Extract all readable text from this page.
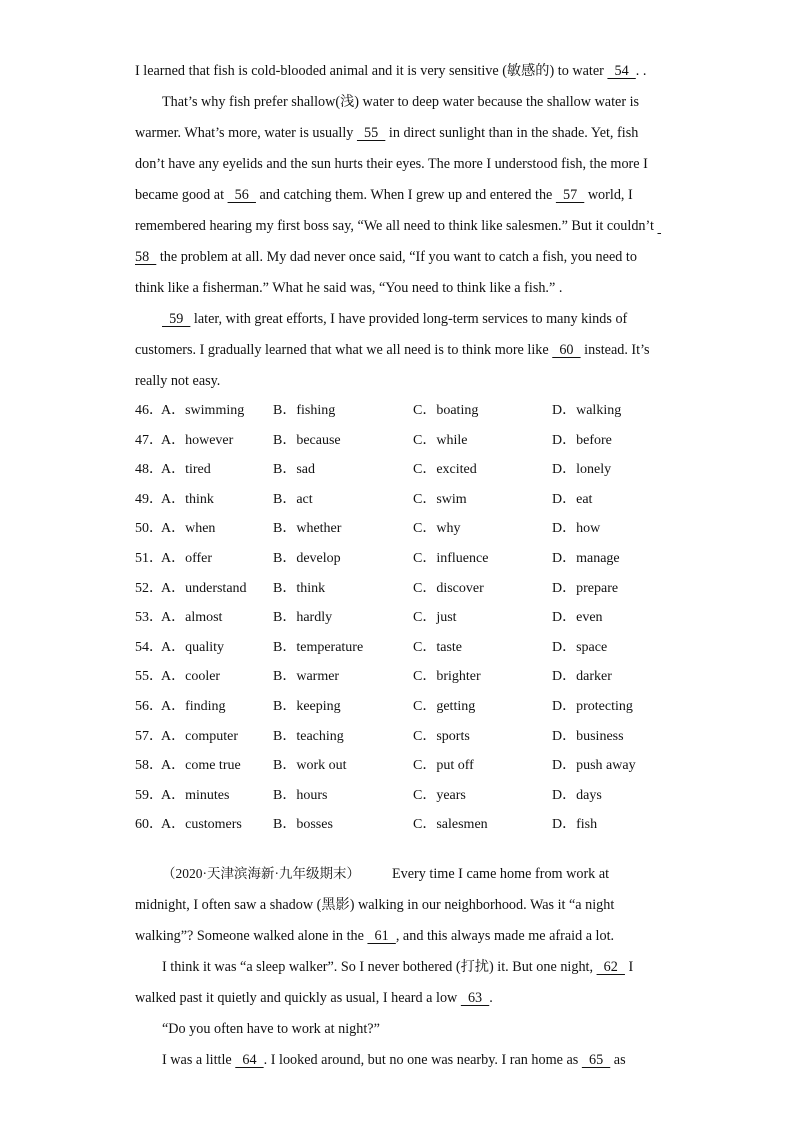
I learned that fish is cold-blooded animal and it is very sensitive (敏感的) to water   54  . .
That’s why fish prefer shallow(浅) water to deep water because the shallow water is
warmer. What’s more, water is usually   55   in direct sunlight than in the shade. Yet, fish
don’t have any eyelids and the sun hurts their eyes. The more I understood fish, the more I
became good at   56   and catching them. When I grew up and entered the   57   world, I
remembered hearing my first boss say, “We all need to think like salesmen.” But it couldn’t
58   the problem at all. My dad never once said, “If you want to catch a fish, you need to
think like a fisherman.” What he said was, “You need to think like a fish.” .
59   later, with great efforts, I have provided long-term services to many kinds of
customers. I gradually learned that what we all need is to think more like   60   instead. It’s
really not easy.
46．
A．swimming B．fishing	C．boating	D．walking
47．
A．however	B．because	C．while	D．before
48．
A．tired	B．sad	C．excited	D．lonely
49．
A．think	B．act	C．swim	D．eat
50．
A．when	B．whether	C．why	D．how
51．
A．offer	B．develop	C．influence	D．manage
52．
A．understand B．think	C．discover	D．prepare
53．
A．almost	B．hardly	C．just	D．even
54．
A．quality	B．temperature	C．taste	D．space
55．
A．cooler	B．warmer	C．brighter	D．darker
56．
A．finding	B．keeping	C．getting	D．protecting
57．
A．computer	B．teaching	C．sports	D．business
58．
A．come true B．work out	C．put off	D．push away
59．
A．minutes	B．hours	C．years	D．days
60．
A．customers B．bosses	C．salesmen	D．fish
（2020·天津滨海新·九年级期末） Every time I came home from work at
midnight, I often saw a shadow (黑影) walking in our neighborhood. Was it “a night
walking”? Someone walked alone in the   61  , and this always made me afraid a lot.
I think it was “a sleep walker”. So I never bothered (打扰) it. But one night,   62   I
walked past it quietly and quickly as usual, I heard a low   63  .
“Do you often have to work at night?”
I was a little   64  . I looked around, but no one was nearby. I ran home as   65   as
